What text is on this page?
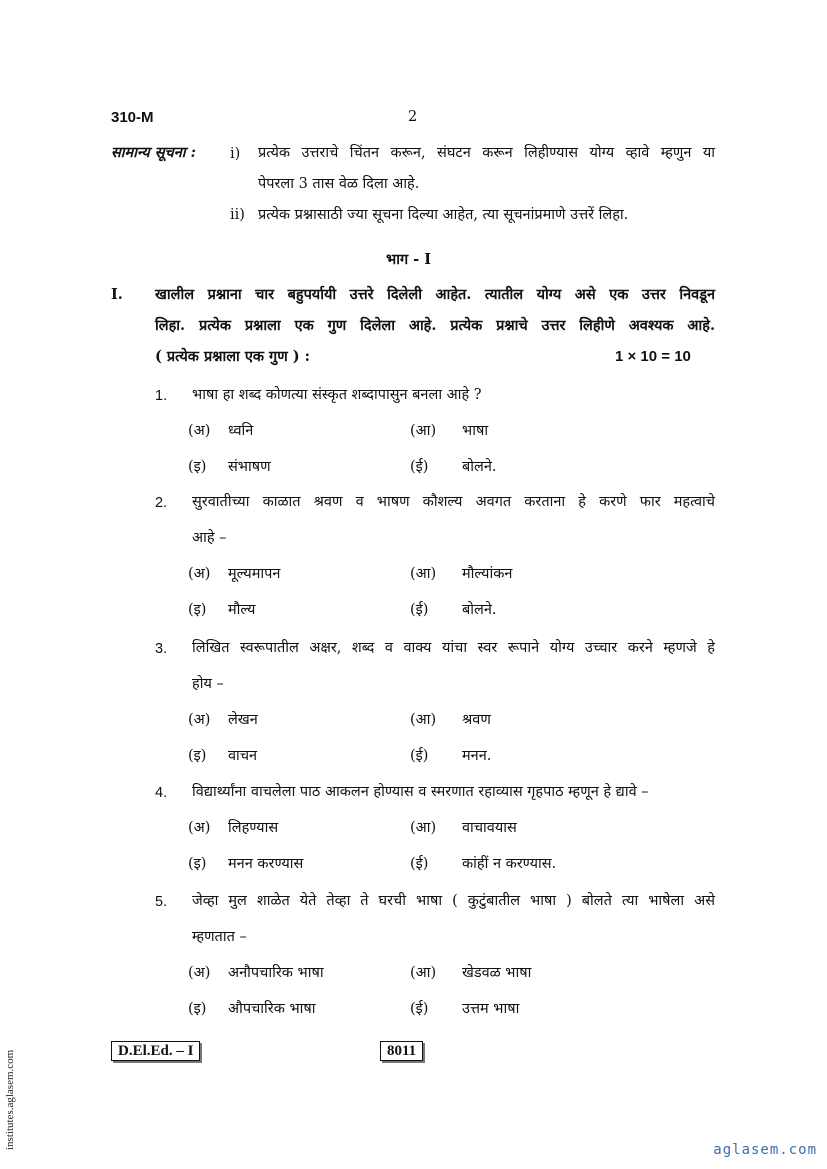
310-M	2
सामान्य सूचना : i) प्रत्येक उत्तराचे चिंतन करून, संघटन करून लिहीण्यास योग्य व्हावे म्हणुन या
पेपरला 3 तास वेळ दिला आहे.
ii) प्रत्येक प्रश्नासाठी ज्या सूचना दिल्या आहेत, त्या सूचनांप्रमाणे उत्तरें लिहा.
भाग - I
I. खालील प्रश्नाना चार बहुपर्यायी उत्तरे दिलेली आहेत. त्यातील योग्य असे एक उत्तर निवडून
लिहा. प्रत्येक प्रश्नाला एक गुण दिलेला आहे. प्रत्येक प्रश्नाचे उत्तर लिहीणे अवश्यक आहे.
( प्रत्येक प्रश्नाला एक गुण ) :	1 × 10 = 10
1. भाषा हा शब्द कोणत्या संस्कृत शब्दापासुन बनला आहे ?
(अ) ध्वनि	(आ) भाषा
(इ) संभाषण	(ई) बोलने.
2. सुरवातीच्या काळात श्रवण व भाषण कौशल्य अवगत करताना हे करणे फार महत्वाचे
आहे –
(अ) मूल्यमापन	(आ) मौल्यांकन
(इ) मौल्य	(ई) बोलने.
3. लिखित स्वरूपातील अक्षर, शब्द व वाक्य यांचा स्वर रूपाने योग्य उच्चार करने म्हणजे हे
होय –
(अ) लेखन	(आ) श्रवण
(इ) वाचन	(ई) मनन.
4. विद्यार्थ्यांना वाचलेला पाठ आकलन होण्यास व स्मरणात रहाव्यास गृहपाठ म्हणून हे द्यावे –
(अ) लिहण्यास	(आ) वाचावयास
(इ) मनन करण्यास	(ई) कांहीं न करण्यास.
5. जेव्हा मुल शाळेत येते तेव्हा ते घरची भाषा ( कुटुंबातील भाषा ) बोलते त्या भाषेला असे
म्हणतात –
(अ) अनौपचारिक भाषा	(आ) खेडवळ भाषा
(इ) औपचारिक भाषा	(ई) उत्तम भाषा
D.El.Ed. – I	8011
institutes.aglasem.com	aglasem.com
